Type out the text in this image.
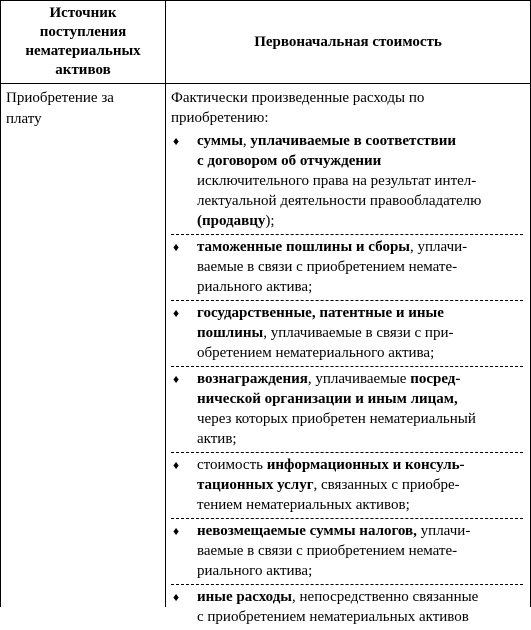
Источник
поступления
нематериальных
активов
Первоначальная стоимость
Приобретение за
плату
Фактически произведенные расходы по
приобретению:
♦ суммы, уплачиваемые в соответствии
с договором об отчуждении
исключительного права на результат интел-
лектуальной деятельности правообладателю
(продавцу);
♦ таможенные пошлины и сборы, уплачи-
ваемые в связи с приобретением немате-
риального актива;
♦ государственные, патентные и иные
пошлины, уплачиваемые в связи с при-
обретением нематериального актива;
♦ вознаграждения, уплачиваемые посред-
нической организации и иным лицам,
через которых приобретен нематериальный
актив;
♦ стоимость информационных и консуль-
тационных услуг, связанных с приобре-
тением нематериальных активов;
♦ невозмещаемые суммы налогов, уплачи-
ваемые в связи с приобретением немате-
риального актива;
♦ иные расходы, непосредственно связанные
с приобретением нематериальных активов
